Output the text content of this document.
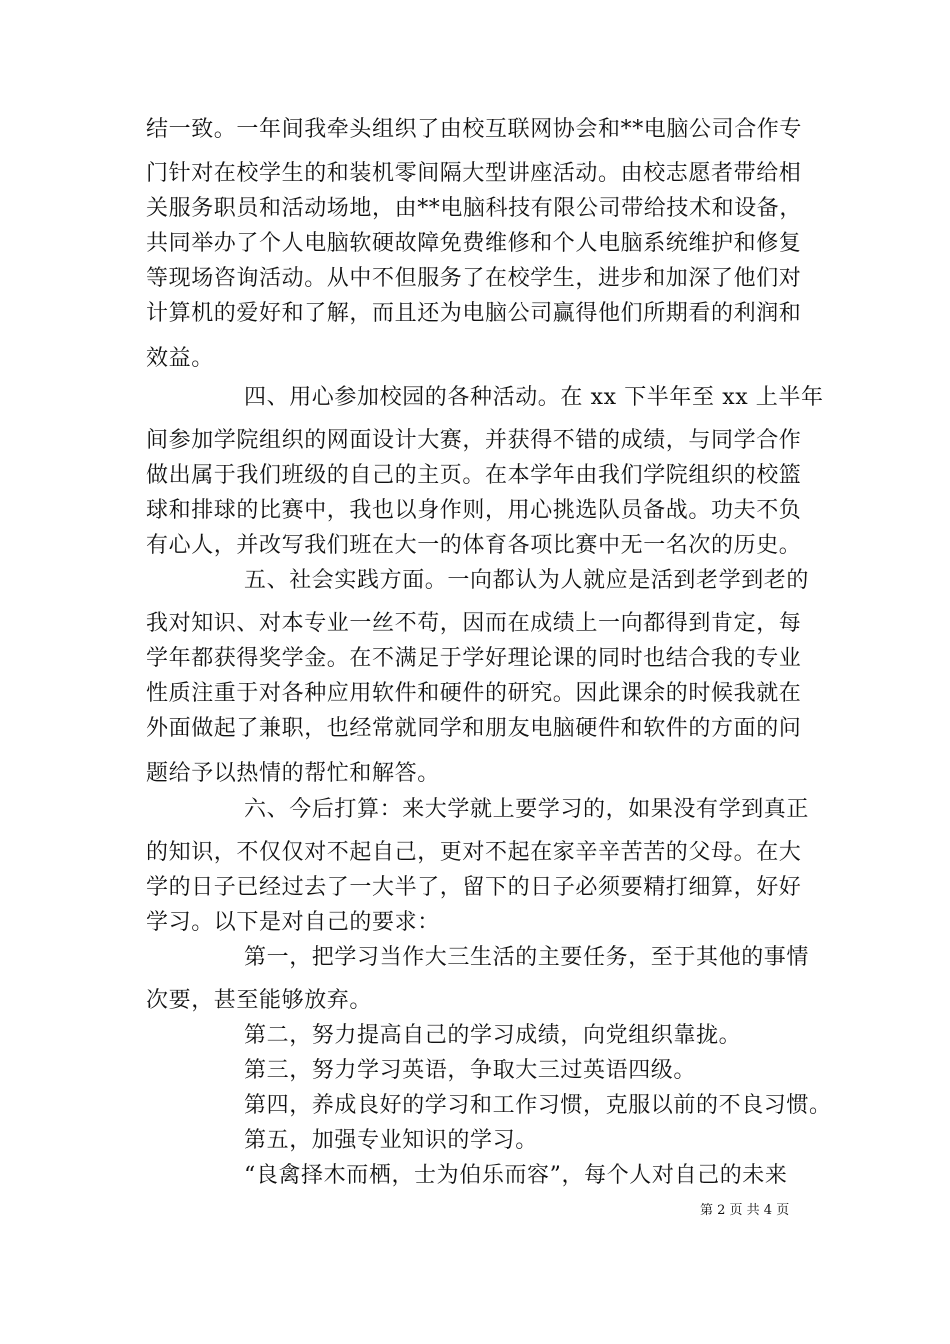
结一致。一年间我牵头组织了由校互联网协会和**电脑公司合作专
门针对在校学生的和装机零间隔大型讲座活动。由校志愿者带给相
关服务职员和活动场地，由**电脑科技有限公司带给技术和设备，
共同举办了个人电脑软硬故障免费维修和个人电脑系统维护和修复
等现场咨询活动。从中不但服务了在校学生，进步和加深了他们对
计算机的爱好和了解，而且还为电脑公司赢得他们所期看的利润和
效益。
四、用心参加校园的各种活动。在 xx 下半年至 xx 上半年
间参加学院组织的网面设计大赛，并获得不错的成绩，与同学合作
做出属于我们班级的自己的主页。在本学年由我们学院组织的校篮
球和排球的比赛中，我也以身作则，用心挑选队员备战。功夫不负
有心人，并改写我们班在大一的体育各项比赛中无一名次的历史。
五、社会实践方面。一向都认为人就应是活到老学到老的
我对知识、对本专业一丝不苟，因而在成绩上一向都得到肯定，每
学年都获得奖学金。在不满足于学好理论课的同时也结合我的专业
性质注重于对各种应用软件和硬件的研究。因此课余的时候我就在
外面做起了兼职，也经常就同学和朋友电脑硬件和软件的方面的问
题给予以热情的帮忙和解答。
六、今后打算：来大学就上要学习的，如果没有学到真正
的知识，不仅仅对不起自己，更对不起在家辛辛苦苦的父母。在大
学的日子已经过去了一大半了，留下的日子必须要精打细算，好好
学习。以下是对自己的要求：
第一，把学习当作大三生活的主要任务，至于其他的事情
次要，甚至能够放弃。
第二，努力提高自己的学习成绩，向党组织靠拢。
第三，努力学习英语，争取大三过英语四级。
第四，养成良好的学习和工作习惯，克服以前的不良习惯。
第五，加强专业知识的学习。
“良禽择木而栖，士为伯乐而容”，每个人对自己的未来
第 2 页 共 4 页
